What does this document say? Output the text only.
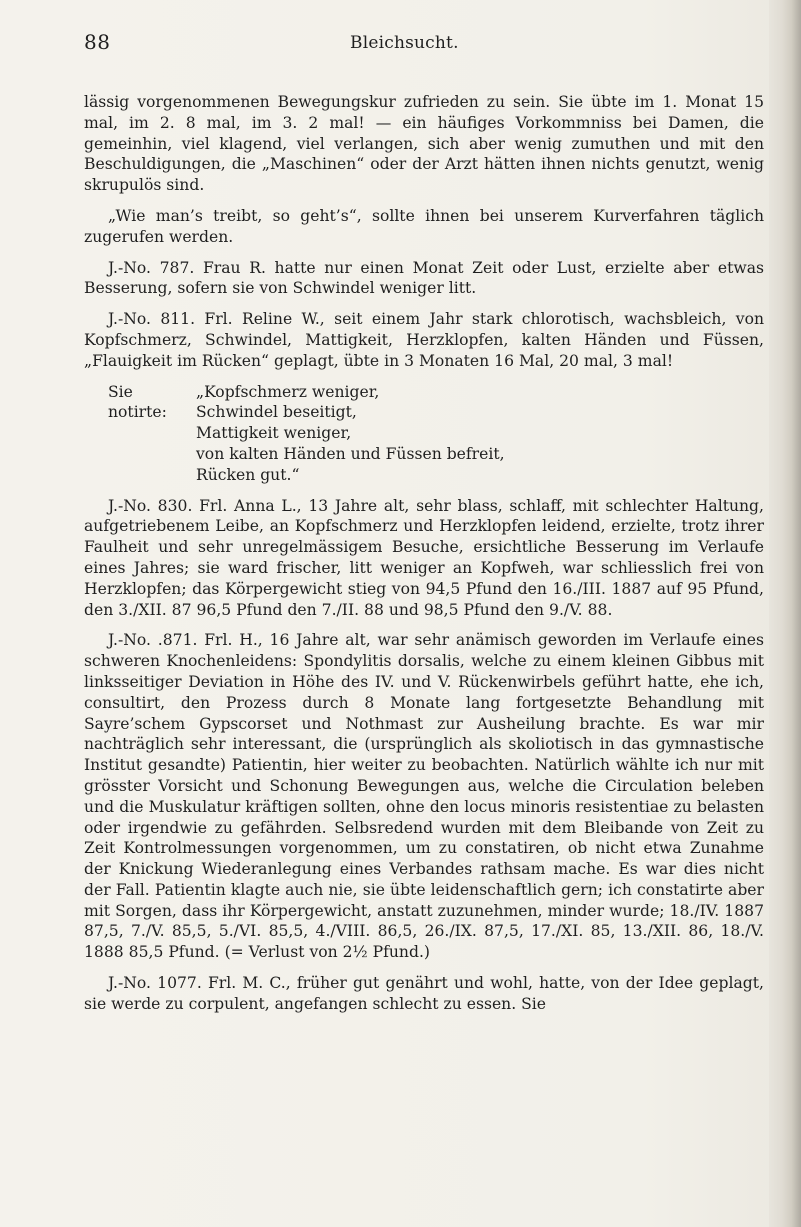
88	Bleichsucht.

lässig vorgenommenen Bewegungskur zufrieden zu sein. Sie übte im 1. Monat 15 mal, im 2. 8 mal, im 3. 2 mal! — ein häufiges Vorkommniss bei Damen, die gemeinhin, viel klagend, viel verlangen, sich aber wenig zumuthen und mit den Beschuldigungen, die „Maschinen“ oder der Arzt hätten ihnen nichts genutzt, wenig skrupulös sind.

„Wie man’s treibt, so geht’s“, sollte ihnen bei unserem Kurverfahren täglich zugerufen werden.

J.-No. 787. Frau R. hatte nur einen Monat Zeit oder Lust, erzielte aber etwas Besserung, sofern sie von Schwindel weniger litt.

J.-No. 811. Frl. Reline W., seit einem Jahr stark chlorotisch, wachsbleich, von Kopfschmerz, Schwindel, Mattigkeit, Herzklopfen, kalten Händen und Füssen, „Flauigkeit im Rücken“ geplagt, übte in 3 Monaten 16 Mal, 20 mal, 3 mal!

Sie notirte:
„Kopfschmerz weniger,
Schwindel beseitigt,
Mattigkeit weniger,
von kalten Händen und Füssen befreit,
Rücken gut.“

J.-No. 830. Frl. Anna L., 13 Jahre alt, sehr blass, schlaff, mit schlechter Haltung, aufgetriebenem Leibe, an Kopfschmerz und Herzklopfen leidend, erzielte, trotz ihrer Faulheit und sehr unregelmässigem Besuche, ersichtliche Besserung im Verlaufe eines Jahres; sie ward frischer, litt weniger an Kopfweh, war schliesslich frei von Herzklopfen; das Körpergewicht stieg von 94,5 Pfund den 16./III. 1887 auf 95 Pfund, den 3./XII. 87 96,5 Pfund den 7./II. 88 und 98,5 Pfund den 9./V. 88.

J.-No. .871. Frl. H., 16 Jahre alt, war sehr anämisch geworden im Verlaufe eines schweren Knochenleidens: Spondylitis dorsalis, welche zu einem kleinen Gibbus mit linksseitiger Deviation in Höhe des IV. und V. Rückenwirbels geführt hatte, ehe ich, consultirt, den Prozess durch 8 Monate lang fortgesetzte Behandlung mit Sayre’schem Gypscorset und Nothmast zur Ausheilung brachte. Es war mir nachträglich sehr interessant, die (ursprünglich als skoliotisch in das gymnastische Institut gesandte) Patientin, hier weiter zu beobachten. Natürlich wählte ich nur mit grösster Vorsicht und Schonung Bewegungen aus, welche die Circulation beleben und die Muskulatur kräftigen sollten, ohne den locus minoris resistentiae zu belasten oder irgendwie zu gefährden. Selbsredend wurden mit dem Bleibande von Zeit zu Zeit Kontrolmessungen vorgenommen, um zu constatiren, ob nicht etwa Zunahme der Knickung Wiederanlegung eines Verbandes rathsam mache. Es war dies nicht der Fall. Patientin klagte auch nie, sie übte leidenschaftlich gern; ich constatirte aber mit Sorgen, dass ihr Körpergewicht, anstatt zuzunehmen, minder wurde; 18./IV. 1887 87,5, 7./V. 85,5, 5./VI. 85,5, 4./VIII. 86,5, 26./IX. 87,5, 17./XI. 85, 13./XII. 86, 18./V. 1888 85,5 Pfund. (= Verlust von 2½ Pfund.)

J.-No. 1077. Frl. M. C., früher gut genährt und wohl, hatte, von der Idee geplagt, sie werde zu corpulent, angefangen schlecht zu essen. Sie
